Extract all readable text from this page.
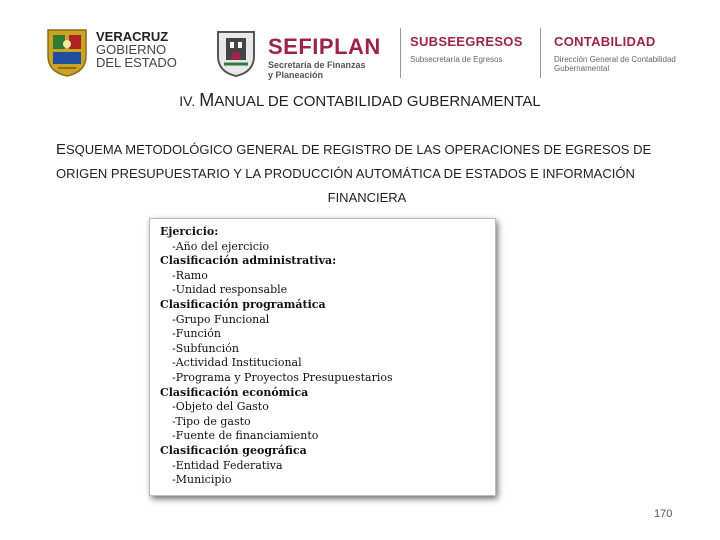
VERACRUZ
GOBIERNO
DEL ESTADO
SEFIPLAN
Secretaría de Finanzas
y Planeación
SUBSEEGRESOS
Subsecretaría de Egresos
CONTABILIDAD
Dirección General de Contabilidad
Gubernamental
IV. MANUAL DE CONTABILIDAD GUBERNAMENTAL
ESQUEMA METODOLÓGICO GENERAL DE REGISTRO DE LAS OPERACIONES DE EGRESOS DE
ORIGEN PRESUPUESTARIO Y LA PRODUCCIÓN AUTOMÁTICA DE ESTADOS E INFORMACIÓN
FINANCIERA
Ejercicio:
-Año del ejercicio
Clasificación administrativa:
-Ramo
-Unidad responsable
Clasificación programática
-Grupo Funcional
-Función
-Subfunción
-Actividad Institucional
-Programa y Proyectos Presupuestarios
Clasificación económica
-Objeto del Gasto
-Tipo de gasto
-Fuente de financiamiento
Clasificación geográfica
-Entidad Federativa
-Municipio
170
